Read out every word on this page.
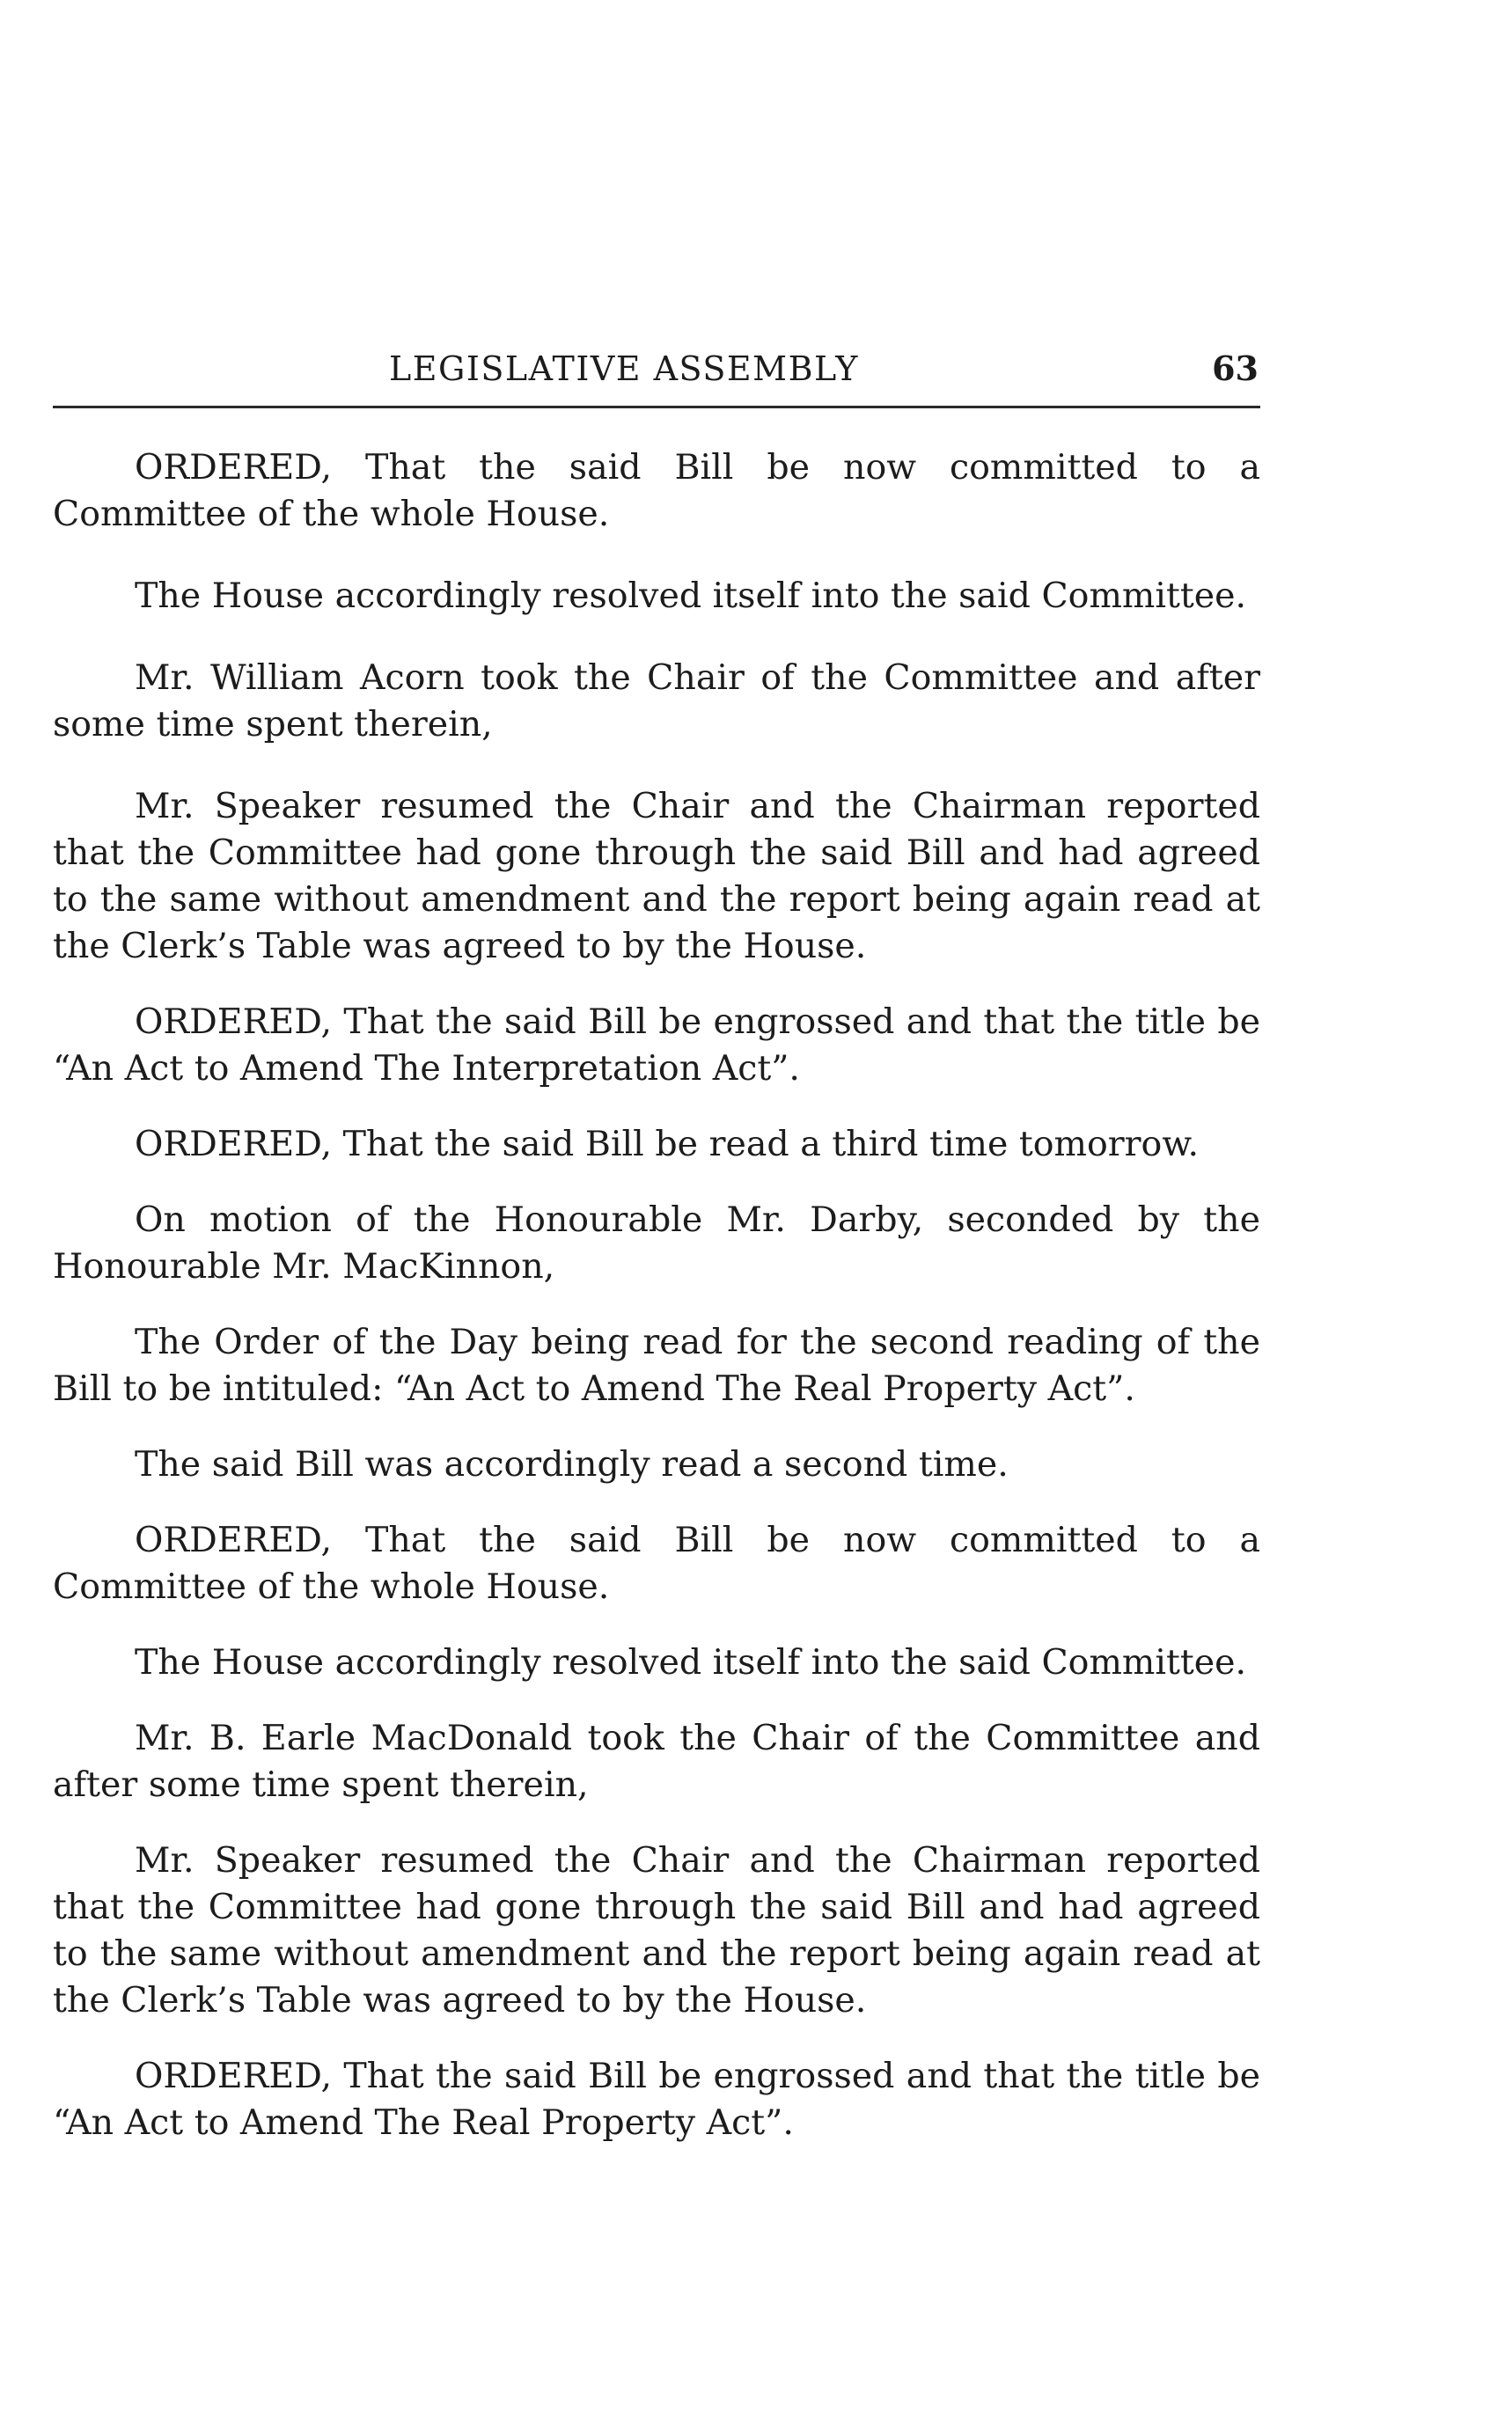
LEGISLATIVE ASSEMBLY	63

ORDERED, That the said Bill be now committed to a Committee of the whole House.

The House accordingly resolved itself into the said Committee.

Mr. William Acorn took the Chair of the Committee and after some time spent therein,

Mr. Speaker resumed the Chair and the Chairman reported that the Committee had gone through the said Bill and had agreed to the same without amendment and the report being again read at the Clerk’s Table was agreed to by the House.

ORDERED, That the said Bill be engrossed and that the title be “An Act to Amend The Interpretation Act”.

ORDERED, That the said Bill be read a third time tomorrow.

On motion of the Honourable Mr. Darby, seconded by the Honourable Mr. MacKinnon,

The Order of the Day being read for the second reading of the Bill to be intituled: “An Act to Amend The Real Property Act”.

The said Bill was accordingly read a second time.

ORDERED, That the said Bill be now committed to a Committee of the whole House.

The House accordingly resolved itself into the said Committee.

Mr. B. Earle MacDonald took the Chair of the Committee and after some time spent therein,

Mr. Speaker resumed the Chair and the Chairman reported that the Committee had gone through the said Bill and had agreed to the same without amendment and the report being again read at the Clerk’s Table was agreed to by the House.

ORDERED, That the said Bill be engrossed and that the title be “An Act to Amend The Real Property Act”.
